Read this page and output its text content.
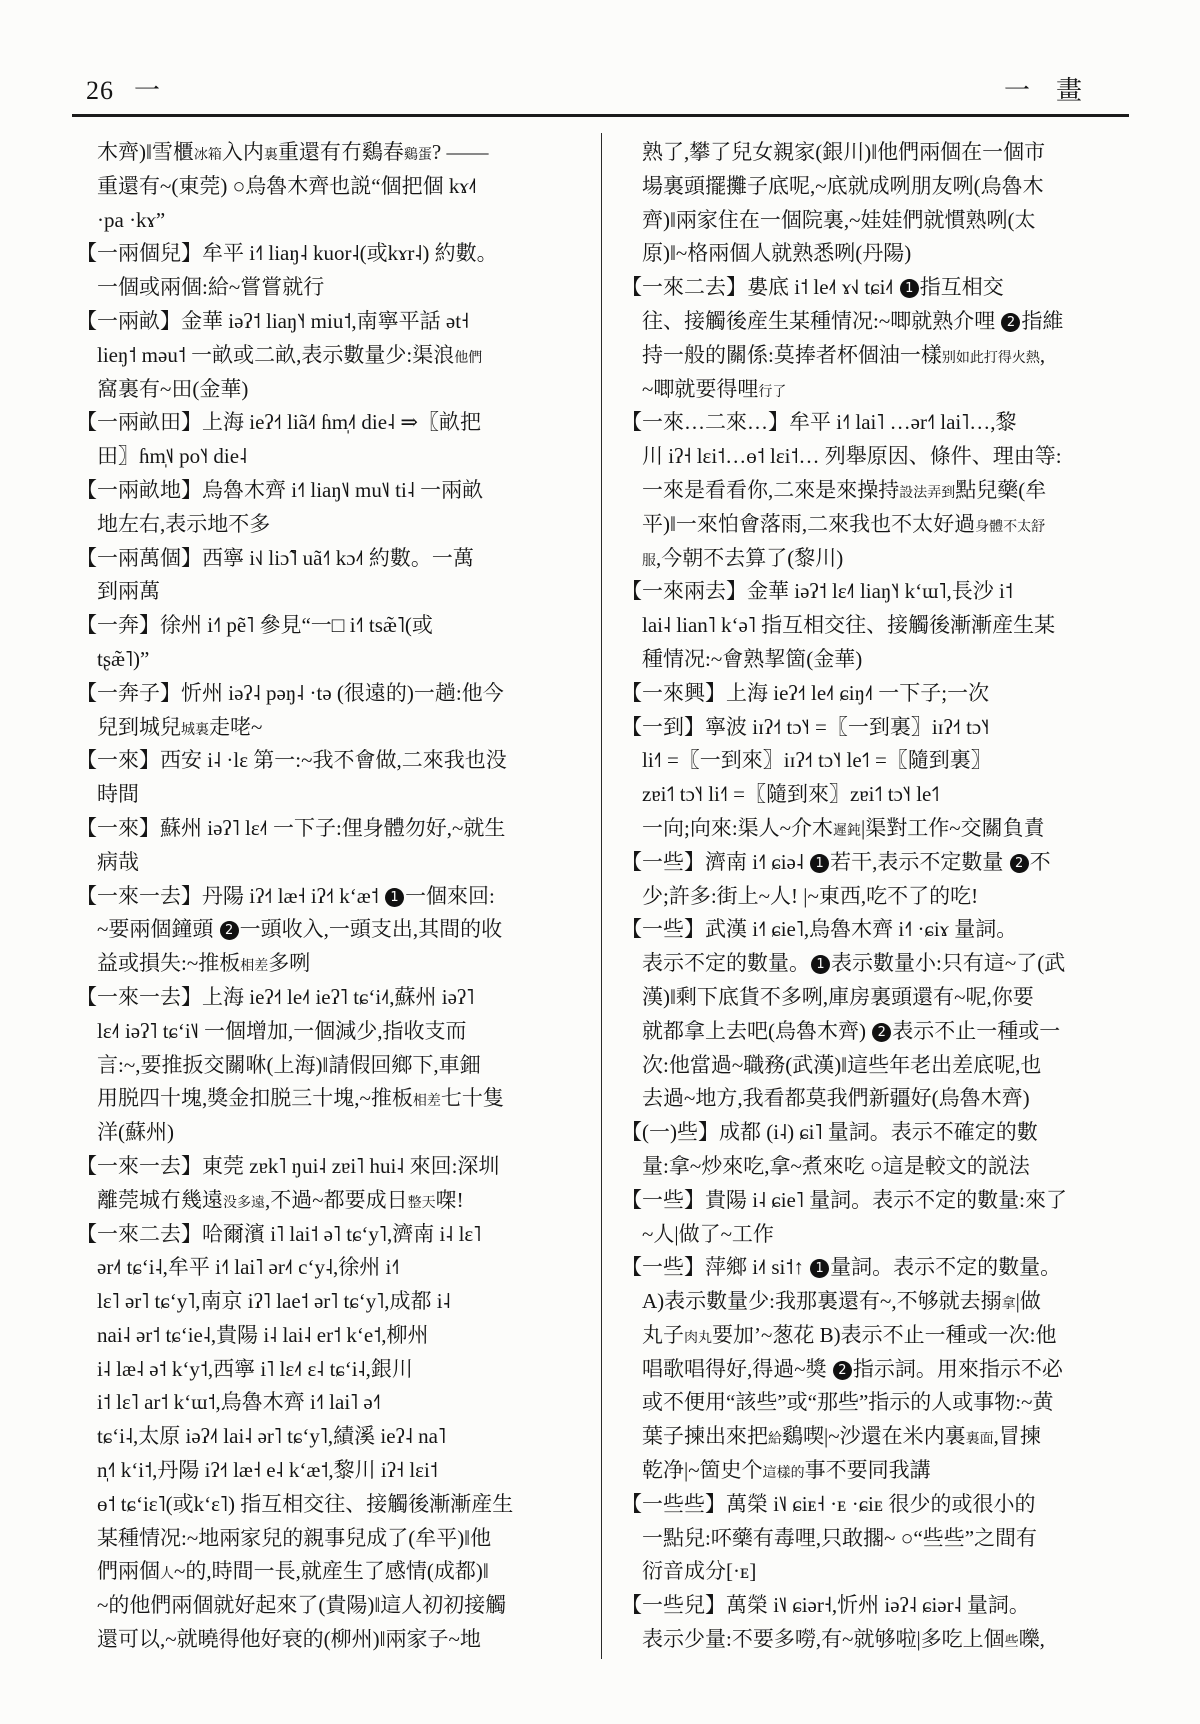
26 一	一　畫
木齊)‖雪櫃冰箱入内裏重還有冇鷄春鷄蛋? ——
重還有~(東莞) ○烏魯木齊也説“個把個 kɤ˨˦
·pa ·kɤ”
【一兩個兒】牟平 i˧˥ liaŋ˨ kuor˨(或kɤr˨) 約數。
一個或兩個:給~嘗嘗就行
【一兩畝】金華 iəʔ˦ liaŋ˥˧ miu˦,南寧平話 ət˧
lieŋ˦ məu˦ 一畝或二畝,表示數量少:渠浪他們
窩裏有~田(金華)
【一兩畝田】上海 ieʔ˧˦ liã˨˦ ɦm̩˨˦ die˨ ⇒〖畝把
田〗ɦm̩˦˩ po˥˧ die˨
【一兩畝地】烏魯木齊 i˧˥ liaŋ˥˩ mu˥˩ ti˨ 一兩畝
地左右,表示地不多
【一兩萬個】西寧 i˧˩ liɔ̃˥ uã˧˥ kɔ˨˦ 約數。一萬
到兩萬
【一奔】徐州 i˧˥ pẽ˥ 參見“一□ i˧˥ tsæ̃˥(或
tʂæ̃˥)”
【一奔子】忻州 iəʔ˨ pəŋ˨ ·tə (很遠的)一趟:他今
兒到城兒城裏走咾~
【一來】西安 i˨ ·lɛ 第一:~我不會做,二來我也没
時間
【一來】蘇州 iəʔ˥ lɛ˨˦ 一下子:俚身體勿好,~就生
病哉
【一來一去】丹陽 iʔ˧˦ læ˧ iʔ˧˦ kʻæ˦ 1 一個來回:
~要兩個鐘頭 2 一頭收入,一頭支出,其間的收
益或損失:~推板相差多咧
【一來一去】上海 ieʔ˧˦ le˨˦ ieʔ˥ tɕʻi˨˦,蘇州 iəʔ˥
lɛ˨˦ iəʔ˥ tɕʻi˥˩ 一個增加,一個減少,指收支而
言:~,要推扳交關咻(上海)‖請假回鄉下,車鈿
用脱四十塊,獎金扣脱三十塊,~推板相差七十隻
洋(蘇州)
【一來一去】東莞 zɐk˥ ŋui˨ zɐi˥ hui˨ 來回:深圳
離莞城冇幾遠没多遠,不過~都要成日整天㗎!
【一來二去】哈爾濱 i˥ lai˦ ə˥ tɕʻy˥,濟南 i˨ lɛ˥
ər˨˦ tɕʻi˨,牟平 i˧˥ lai˥ ər˨˦ cʻy˨,徐州 i˧˥
lɛ˥ ər˥ tɕʻy˥,南京 iʔ˥ lae˦ ər˥ tɕʻy˥,成都 i˨
nai˨ ər˦ tɕʻie˨,貴陽 i˨ lai˨ er˦ kʻe˦,柳州
i˨ læ˨ ə˦ kʻy˦,西寧 i˥ lɛ˨˦ ɛ˨ tɕʻi˨,銀川
i˦ lɛ˥ ar˦ kʻɯ˦,烏魯木齊 i˧˥ lai˥ ə˧˥
tɕʻi˨,太原 iəʔ˨˦ lai˨ ər˥ tɕʻy˥,績溪 ieʔ˨ na˥
n̩˧˥ kʻi˦,丹陽 iʔ˧˦ læ˧ e˨ kʻæ˦,黎川 iʔ˧ lɛi˦
ɵ˦ tɕʻiɛ˥(或kʻɛ˥) 指互相交往、接觸後漸漸産生
某種情况:~地兩家兒的親事兒成了(牟平)‖他
們兩個人~的,時間一長,就産生了感情(成都)‖
~的他們兩個就好起來了(貴陽)‖這人初初接觸
還可以,~就曉得他好衰的(柳州)‖兩家子~地
熟了,攀了兒女親家(銀川)‖他們兩個在一個市
場裏頭擺攤子底呢,~底就成咧朋友咧(烏魯木
齊)‖兩家住在一個院裏,~娃娃們就慣熟咧(太
原)‖~格兩個人就熟悉咧(丹陽)
【一來二去】婁底 i˦ le˨˦ ɤ˧˩ tɕi˨˦ 1 指互相交
往、接觸後産生某種情况:~唧就熟介哩 2 指維
持一般的關係:莫捧者杯個油一樣别如此打得火熱,
~唧就要得哩行了
【一來…二來…】牟平 i˧˥ lai˥ …ər˧˥ lai˥…,黎
川 iʔ˧ lɛi˦…ɵ˦ lɛi˦… 列舉原因、條件、理由等:
一來是看看你,二來是來操持設法弄到點兒藥(牟
平)‖一來怕會落雨,二來我也不太好過身體不太舒
服,今朝不去算了(黎川)
【一來兩去】金華 iəʔ˦ lɛ˨˥ liaŋ˥˧ kʻɯ˥,長沙 i˦
lai˨ lian˥ kʻə˥ 指互相交往、接觸後漸漸産生某
種情况:~會熟挈箇(金華)
【一來興】上海 ieʔ˧˦ le˨˦ ɕiŋ˨˦ 一下子;一次
【一到】寧波 iɪʔ˧˦ tɔ˥˧ =〖一到裏〗iɪʔ˧˦ tɔ˥˧
li˧˥ =〖一到來〗iɪʔ˧˦ tɔ˥˧ le˦˥ =〖隨到裏〗
zɐi˦˥ tɔ˥˧ li˧˥ =〖隨到來〗zɐi˦˥ tɔ˥˧ le˦˥
一向;向來:渠人~介木遲鈍|渠對工作~交關負責
【一些】濟南 i˧˥ ɕiə˨ 1 若干,表示不定數量 2 不
少;許多:街上~人! |~東西,吃不了的吃!
【一些】武漢 i˧˥ ɕie˥,烏魯木齊 i˧˥ ·ɕiɤ 量詞。
表示不定的數量。 1 表示數量小:只有這~了(武
漢)‖剩下底貨不多咧,庫房裏頭還有~呢,你要
就都拿上去吧(烏魯木齊) 2 表示不止一種或一
次:他當過~職務(武漢)‖這些年老出差底呢,也
去過~地方,我看都莫我們新疆好(烏魯木齊)
【(一)些】成都 (i˨) ɕi˥ 量詞。表示不確定的數
量:拿~炒來吃,拿~煮來吃 ○這是較文的説法
【一些】貴陽 i˨ ɕie˥ 量詞。表示不定的數量:來了
~人|做了~工作
【一些】萍鄉 i˨˦ si˦↑ 1 量詞。表示不定的數量。
A)表示數量少:我那裏還有~,不够就去搦拿|做
丸子肉丸要加’~葱花 B)表示不止一種或一次:他
唱歌唱得好,得過~獎 2 指示詞。用來指示不必
或不便用“該些”或“那些”指示的人或事物:~黄
葉子揀出來把給鷄喫|~沙還在米内裏裏面,冒揀
乾净|~箇史个這樣的事不要同我講
【一些些】萬榮 i˥˩ ɕiᴇ˧ ·ᴇ ·ɕiᴇ 很少的或很小的
一點兒:吥藥有毒哩,只敢擱~ ○“些些”之間有
衍音成分[·ᴇ]
【一些兒】萬榮 i˥˩ ɕiər˧,忻州 iəʔ˨ ɕiər˨ 量詞。
表示少量:不要多嘮,有~就够啦|多吃上個些嚛,
